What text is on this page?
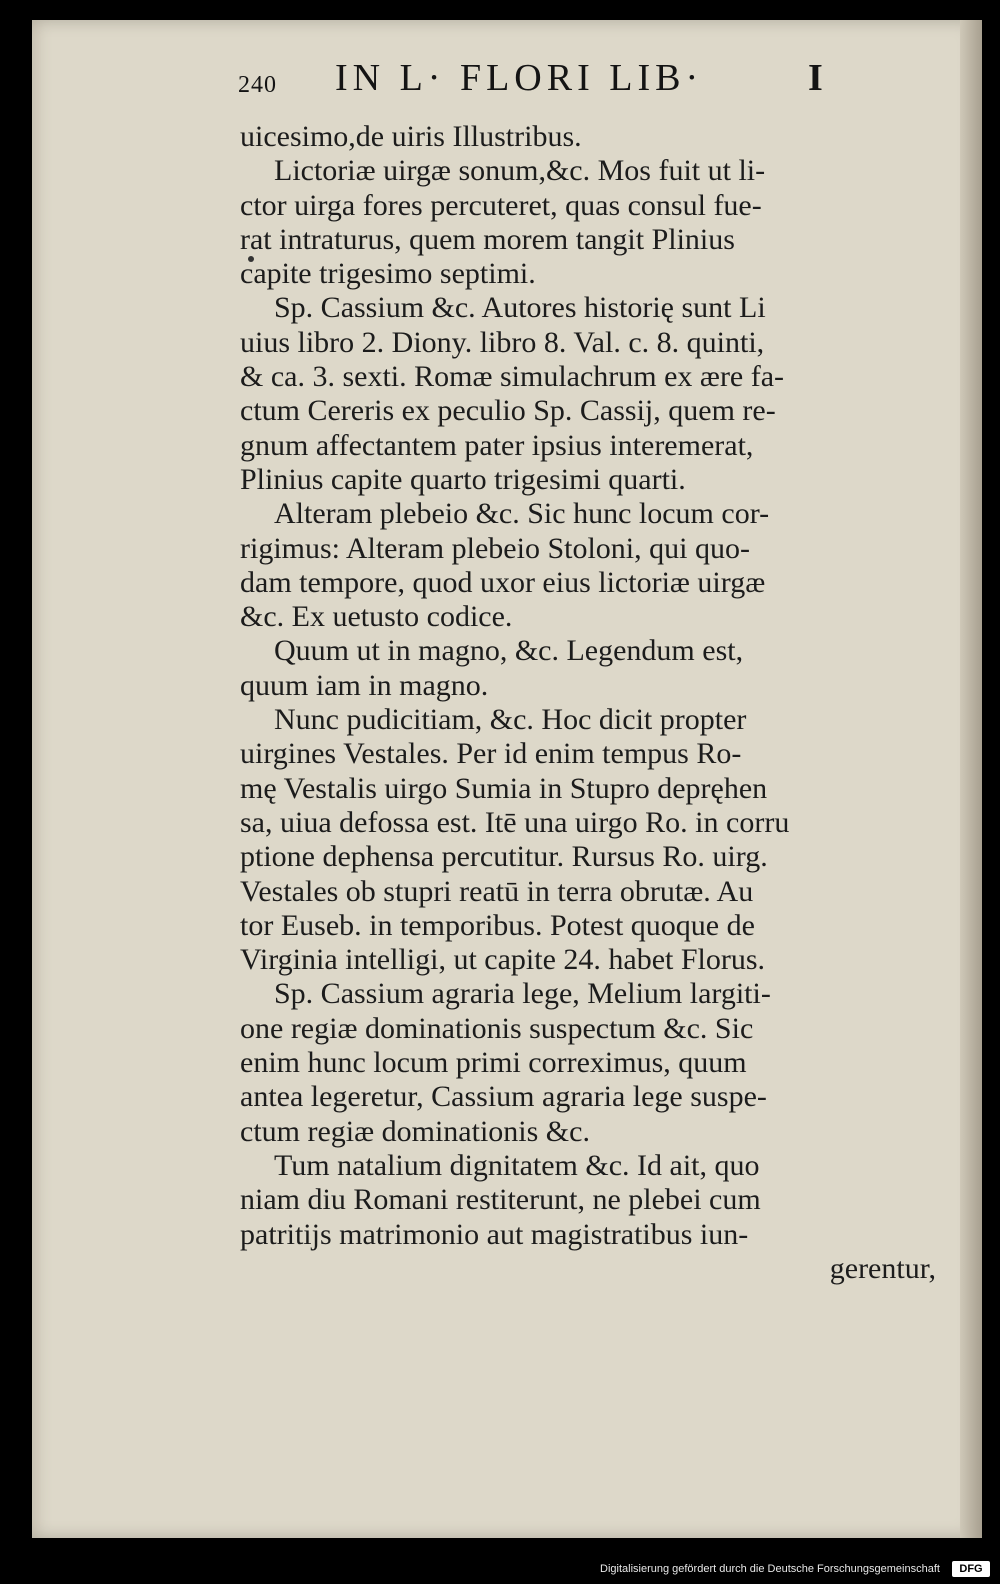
240 IN L· FLORI LIB·	I
uicesimo,de uiris Illustribus.
Lictoriæ uirgæ sonum,&c. Mos fuit ut li-
ctor uirga fores percuteret, quas consul fue-
rat intraturus, quem morem tangit Plinius
capite trigesimo septimi.
Sp. Cassium &c. Autores historię sunt Li
uius libro 2. Diony. libro 8. Val. c. 8. quinti,
& ca. 3. sexti. Romæ simulachrum ex ære fa-
ctum Cereris ex peculio Sp. Cassij, quem re-
gnum affectantem pater ipsius interemerat,
Plinius capite quarto trigesimi quarti.
Alteram plebeio &c. Sic hunc locum cor-
rigimus: Alteram plebeio Stoloni, qui quo-
dam tempore, quod uxor eius lictoriæ uirgæ
&c. Ex uetusto codice.
Quum ut in magno, &c. Legendum est,
quum iam in magno.
Nunc pudicitiam, &c. Hoc dicit propter
uirgines Vestales. Per id enim tempus Ro-
mę Vestalis uirgo Sumia in Stupro depręhen
sa, uiua defossa est. Itē una uirgo Ro. in corru
ptione dephensa percutitur. Rursus Ro. uirg.
Vestales ob stupri reatū in terra obrutæ. Au
tor Euseb. in temporibus. Potest quoque de
Virginia intelligi, ut capite 24. habet Florus.
Sp. Cassium agraria lege, Melium largiti-
one regiæ dominationis suspectum &c. Sic
enim hunc locum primi correximus, quum
antea legeretur, Cassium agraria lege suspe-
ctum regiæ dominationis &c.
Tum natalium dignitatem &c. Id ait, quo
niam diu Romani restiterunt, ne plebei cum
patritijs matrimonio aut magistratibus iun-
gerentur,
Digitalisierung gefördert durch die Deutsche Forschungsgemeinschaft	DFG
